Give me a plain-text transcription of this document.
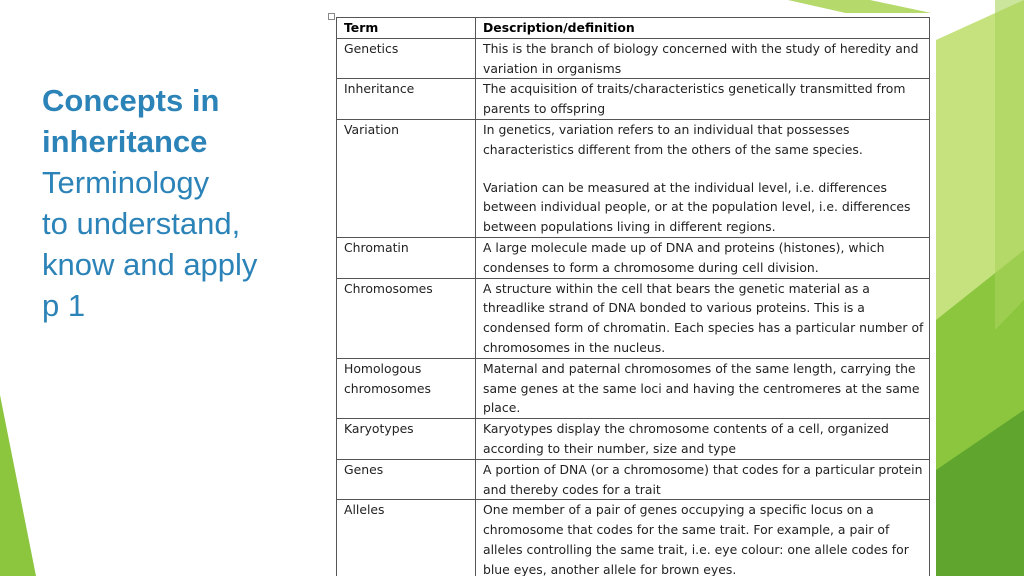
Concepts in
inheritance
Terminology
to understand,
know and apply
p 1
Term	Description/definition
Genetics	This is the branch of biology concerned with the study of heredity and variation in organisms
Inheritance	The acquisition of traits/characteristics genetically transmitted from parents to offspring
Variation	In genetics, variation refers to an individual that possesses characteristics different from the others of the same species.
Variation can be measured at the individual level, i.e. differences between individual people, or at the population level, i.e. differences between populations living in different regions.
Chromatin	A large molecule made up of DNA and proteins (histones), which condenses to form a chromosome during cell division.
Chromosomes	A structure within the cell that bears the genetic material as a threadlike strand of DNA bonded to various proteins. This is a condensed form of chromatin. Each species has a particular number of chromosomes in the nucleus.
Homologous chromosomes	Maternal and paternal chromosomes of the same length, carrying the same genes at the same loci and having the centromeres at the same place.
Karyotypes	Karyotypes display the chromosome contents of a cell, organized according to their number, size and type
Genes	A portion of DNA (or a chromosome) that codes for a particular protein and thereby codes for a trait
Alleles	One member of a pair of genes occupying a specific locus on a chromosome that codes for the same trait. For example, a pair of alleles controlling the same trait, i.e. eye colour: one allele codes for blue eyes, another allele for brown eyes.
